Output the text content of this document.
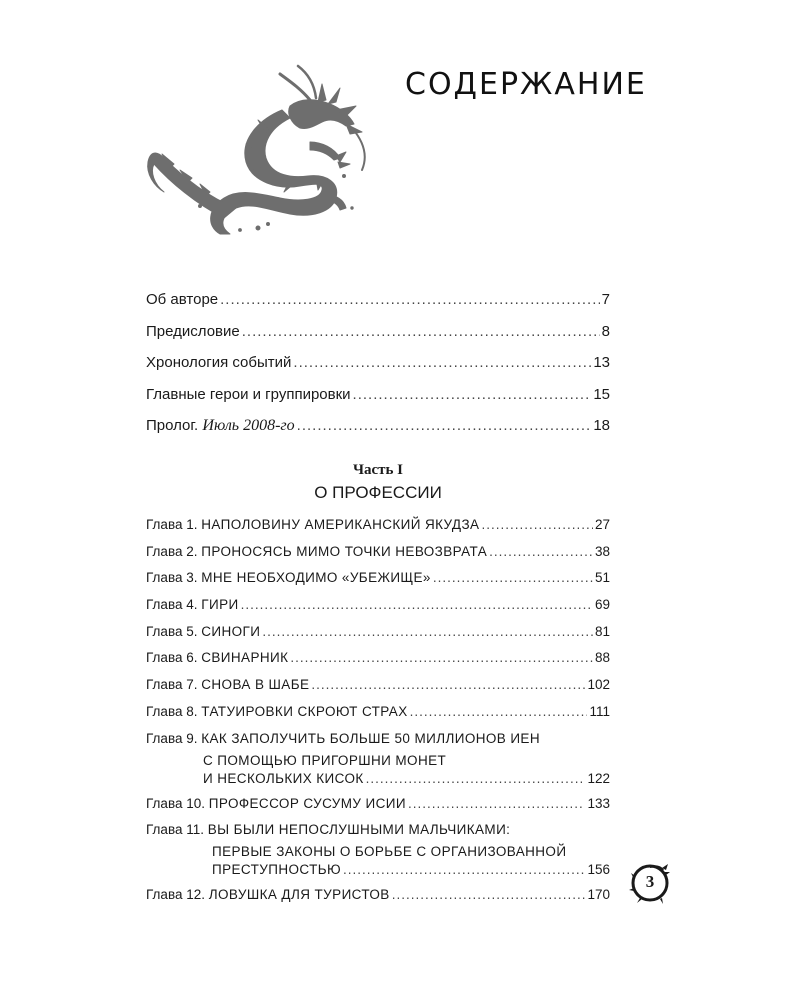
СОДЕРЖАНИЕ
Об авторе .....	7
Предисловие .....	8
Хронология событий .....	13
Главные герои и группировки .....	15
Пролог.
Июль 2008-го .....	18
Часть I
О ПРОФЕССИИ
Глава 1.
НАПОЛОВИНУ АМЕРИКАНСКИЙ ЯКУДЗА .....	27
Глава 2.
ПРОНОСЯСЬ МИМО ТОЧКИ НЕВОЗВРАТА .....	38
Глава 3.
МНЕ НЕОБХОДИМО «УБЕЖИЩЕ» .....	51
Глава 4.
ГИРИ .....	69
Глава 5.
СИНОГИ .....	81
Глава 6.
СВИНАРНИК .....	88
Глава 7.
СНОВА В ШАБЕ .....	102
Глава 8.
ТАТУИРОВКИ СКРОЮТ СТРАХ .....	111
Глава 9.
КАК ЗАПОЛУЧИТЬ БОЛЬШЕ 50 МИЛЛИОНОВ ИЕН
С ПОМОЩЬЮ ПРИГОРШНИ МОНЕТ
И НЕСКОЛЬКИХ КИСОК .....	122
Глава 10.
ПРОФЕССОР СУСУМУ ИСИИ .....	133
Глава 11.
ВЫ БЫЛИ НЕПОСЛУШНЫМИ МАЛЬЧИКАМИ:
ПЕРВЫЕ ЗАКОНЫ О БОРЬБЕ С ОРГАНИЗОВАННОЙ
ПРЕСТУПНОСТЬЮ .....	156
Глава 12.
ЛОВУШКА ДЛЯ ТУРИСТОВ .....	170
3
